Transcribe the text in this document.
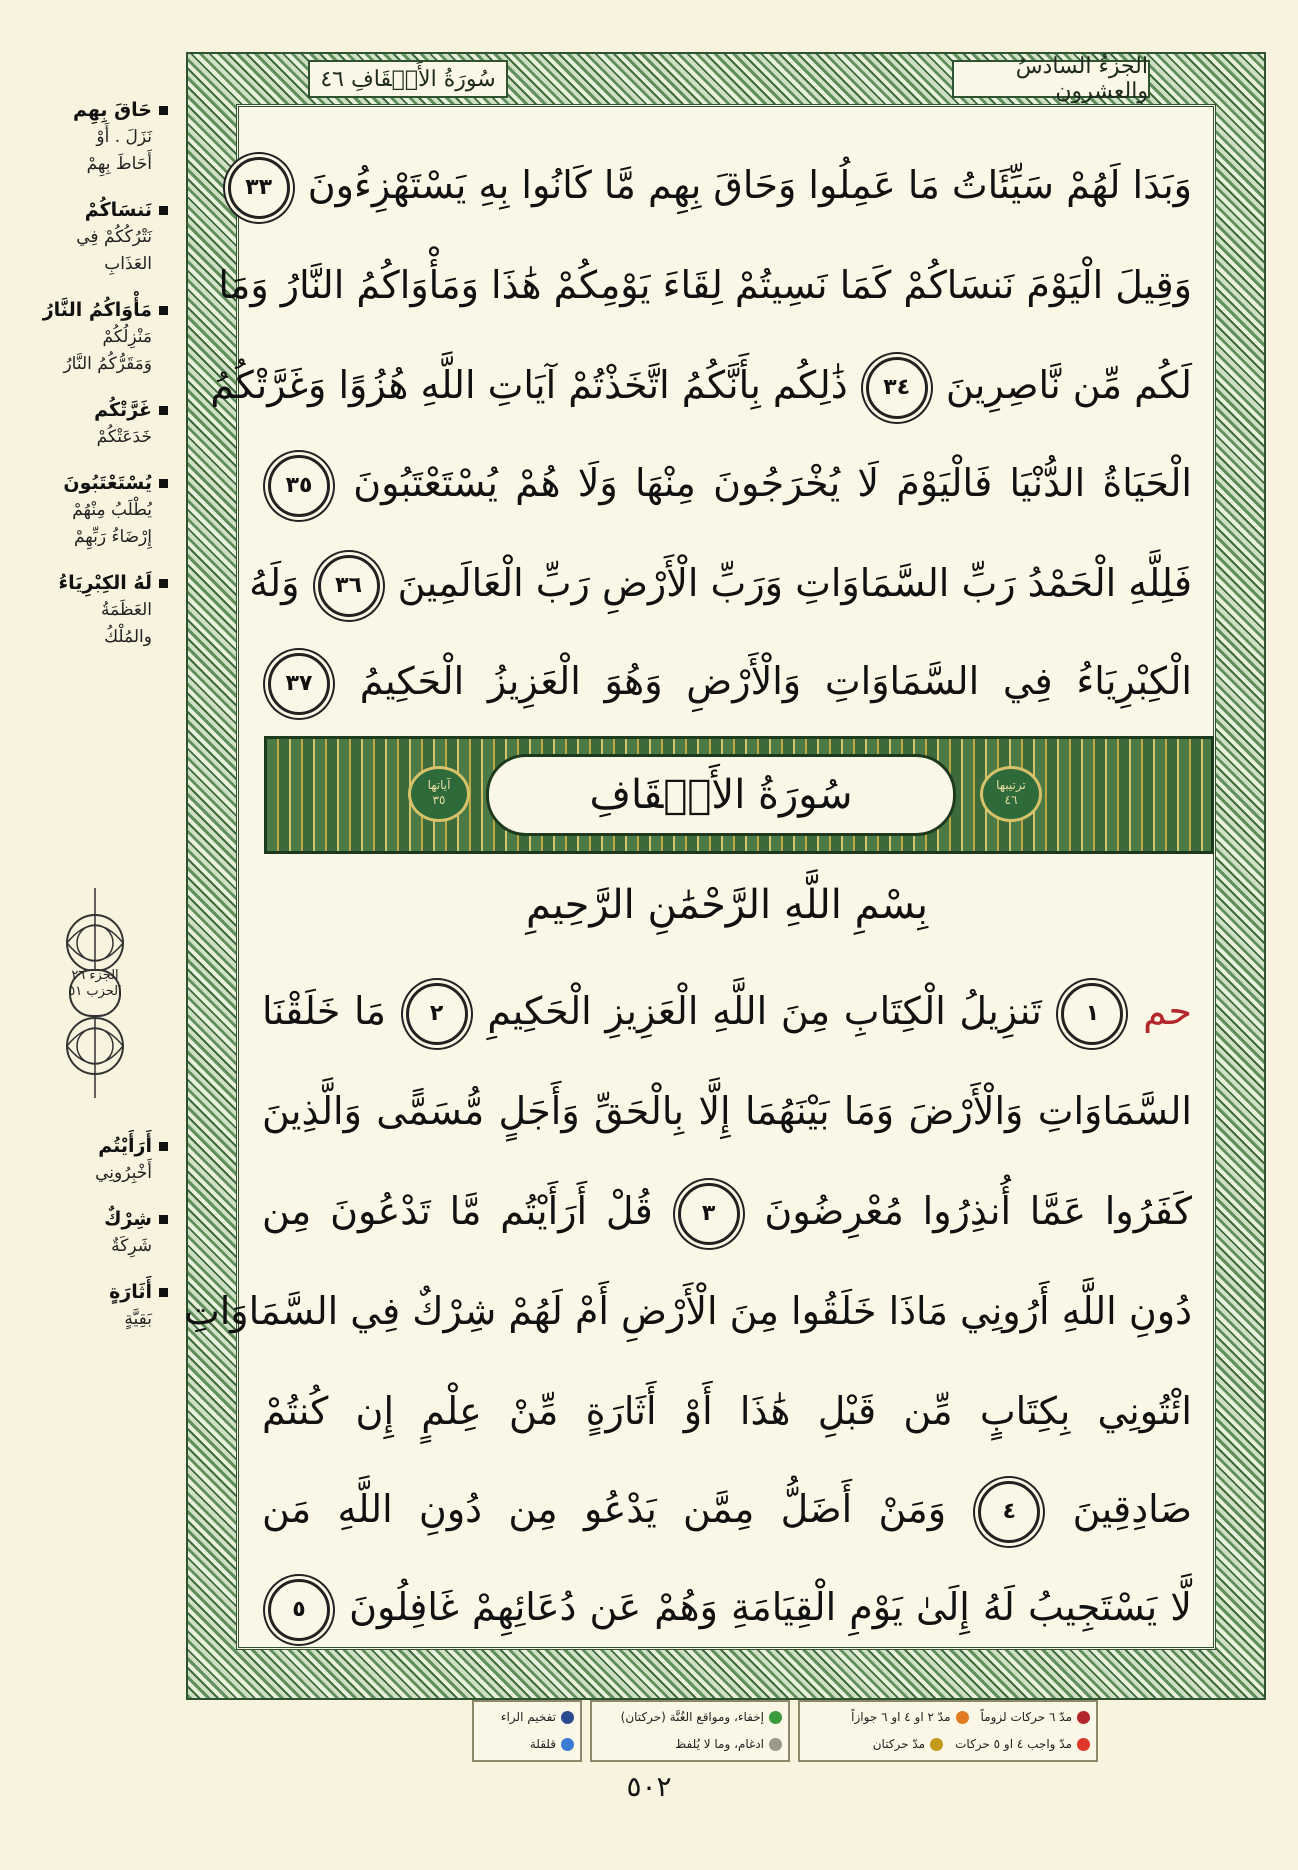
حَاقَ بِهِم
نَزَلَ . أَوْ
أَحَاطَ بِهِمْ
نَنسَاكُمْ
نَتْرُكُكُمْ فِي
العَذَابِ
مَأْوَاكُمُ النَّارُ
مَنْزِلُكُمْ
وَمَقَرُّكُمُ النَّارُ
غَرَّتْكُم
خَدَعَتْكُمْ
يُسْتَعْتَبُونَ
يُطْلَبُ مِنْهُمْ
إِرْضَاءُ رَبِّهِمْ
لَهُ الكِبْرِيَاءُ
العَظَمَةُ
والمُلْكُ
الجزء ٢٦
الحزب ٥١
أَرَأَيْتُم
أَخْبِرُونِي
شِرْكٌ
شَرِكَةٌ
أَثَارَةٍ
بَقِيَّةٍ
سُورَةُ الأَحۡقَافِ ٤٦	الجزءُ السادسُ والعشرون
وَبَدَا لَهُمْ سَيِّئَاتُ مَا عَمِلُوا وَحَاقَ بِهِم مَّا كَانُوا بِهِ يَسْتَهْزِءُونَ ٣٣
وَقِيلَ الْيَوْمَ نَنسَاكُمْ كَمَا نَسِيتُمْ لِقَاءَ يَوْمِكُمْ هَٰذَا وَمَأْوَاكُمُ النَّارُ وَمَا
لَكُم مِّن نَّاصِرِينَ ٣٤ ذَٰلِكُم بِأَنَّكُمُ اتَّخَذْتُمْ آيَاتِ اللَّهِ هُزُوًا وَغَرَّتْكُمُ
الْحَيَاةُ الدُّنْيَا فَالْيَوْمَ لَا يُخْرَجُونَ مِنْهَا وَلَا هُمْ يُسْتَعْتَبُونَ ٣٥
فَلِلَّهِ الْحَمْدُ رَبِّ السَّمَاوَاتِ وَرَبِّ الْأَرْضِ رَبِّ الْعَالَمِينَ ٣٦ وَلَهُ
الْكِبْرِيَاءُ فِي السَّمَاوَاتِ وَالْأَرْضِ وَهُوَ الْعَزِيزُ الْحَكِيمُ ٣٧
سُورَةُ الأَحۡقَافِ
آياتها
٣٥
ترتيبها
٤٦
بِسْمِ اللَّهِ الرَّحْمَٰنِ الرَّحِيمِ
حم ١ تَنزِيلُ الْكِتَابِ مِنَ اللَّهِ الْعَزِيزِ الْحَكِيمِ ٢ مَا خَلَقْنَا
السَّمَاوَاتِ وَالْأَرْضَ وَمَا بَيْنَهُمَا إِلَّا بِالْحَقِّ وَأَجَلٍ مُّسَمًّى وَالَّذِينَ
كَفَرُوا عَمَّا أُنذِرُوا مُعْرِضُونَ ٣ قُلْ أَرَأَيْتُم مَّا تَدْعُونَ مِن
دُونِ اللَّهِ أَرُونِي مَاذَا خَلَقُوا مِنَ الْأَرْضِ أَمْ لَهُمْ شِرْكٌ فِي السَّمَاوَاتِ
ائْتُونِي بِكِتَابٍ مِّن قَبْلِ هَٰذَا أَوْ أَثَارَةٍ مِّنْ عِلْمٍ إِن كُنتُمْ
صَادِقِينَ ٤ وَمَنْ أَضَلُّ مِمَّن يَدْعُو مِن دُونِ اللَّهِ مَن
لَّا يَسْتَجِيبُ لَهُ إِلَىٰ يَوْمِ الْقِيَامَةِ وَهُمْ عَن دُعَائِهِمْ غَافِلُونَ ٥
مدّ ٦ حركات لزوماً
مدّ ٢ او ٤ او ٦ جوازاً
مدّ واجب ٤ او ٥ حركات
مدّ حركتان
إخفاء، ومواقع الغُنَّة (حركتان)
ادغام، وما لا يُلفظ
تفخيم الراء
قلقلة
٥٠٢
